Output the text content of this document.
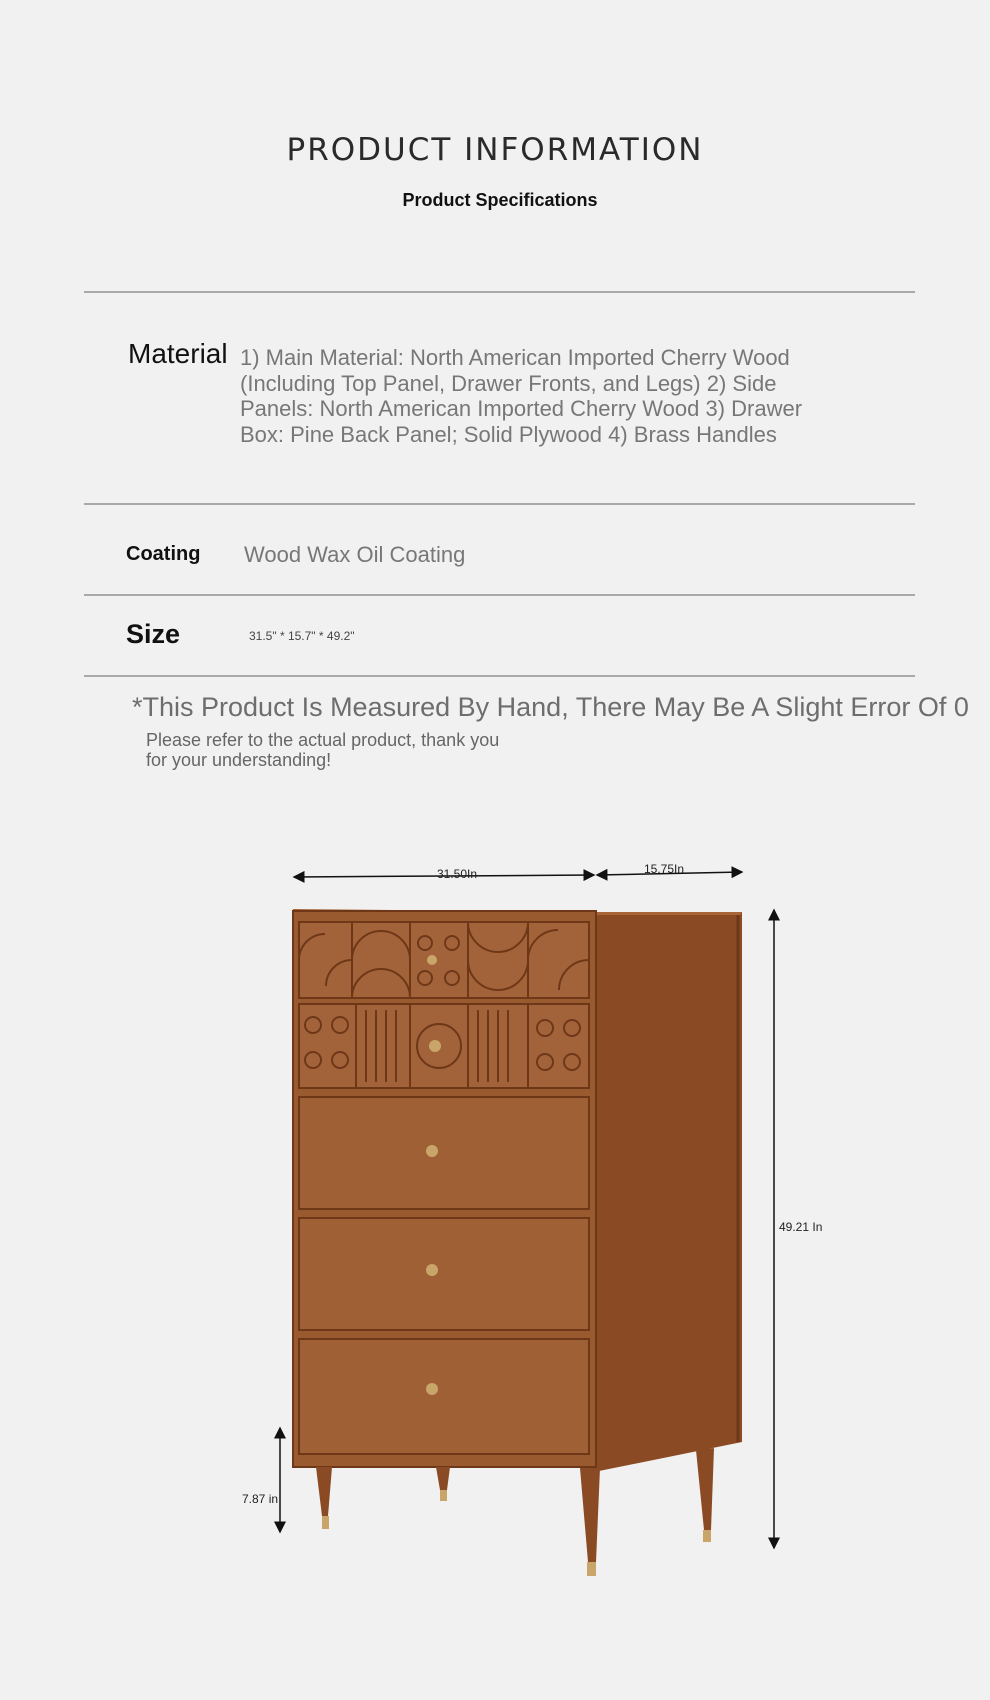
PRODUCT INFORMATION
Product Specifications
Material 1) Main Material: North American Imported Cherry Wood (Including Top Panel, Drawer Fronts, and Legs) 2) Side Panels: North American Imported Cherry Wood 3) Drawer Box: Pine Back Panel; Solid Plywood 4) Brass Handles
Coating Wood Wax Oil Coating
Size	31.5" * 15.7" * 49.2"
*This Product Is Measured By Hand, There May Be A Slight Error Of 0
Please refer to the actual product, thank you for your understanding!
31.50In	15.75In
49.21 In
7.87 in
